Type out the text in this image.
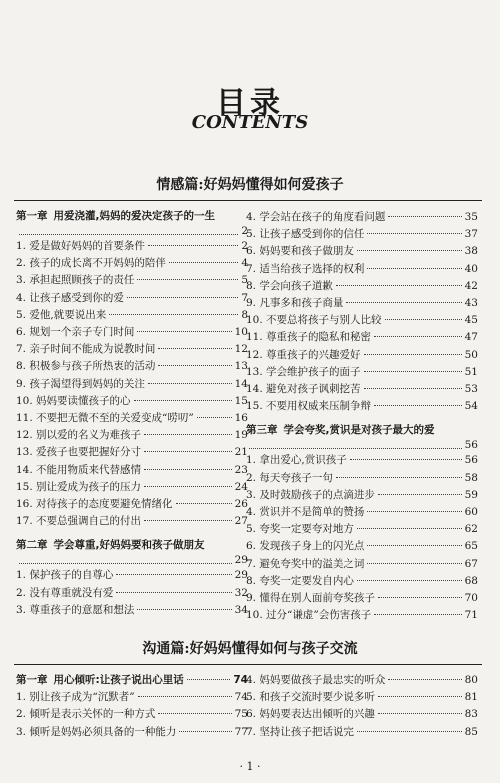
目录
CONTENTS
情感篇:好妈妈懂得如何爱孩子
第一章 用爱浇灌,妈妈的爱决定孩子的一生
2
1. 爱是做好妈妈的首要条件	2
2. 孩子的成长离不开妈妈的陪伴	4
3. 承担起照顾孩子的责任	5
4. 让孩子感受到你的爱	7
5. 爱他,就要说出来	8
6. 规划一个亲子专门时间	10
7. 亲子时间不能成为说教时间	12
8. 积极参与孩子所热衷的活动	13
9. 孩子渴望得到妈妈的关注	14
10. 妈妈要读懂孩子的心	15
11. 不要把无微不至的关爱变成“唠叨”	16
12. 别以爱的名义为难孩子	19
13. 爱孩子也要把握好分寸	21
14. 不能用物质来代替感情	23
15. 别让爱成为孩子的压力	24
16. 对待孩子的态度要避免情绪化	26
17. 不要总强调自己的付出	27
第二章 学会尊重,好妈妈要和孩子做朋友
29
1. 保护孩子的自尊心	29
2. 没有尊重就没有爱	32
3. 尊重孩子的意愿和想法	34
4. 学会站在孩子的角度看问题	35
5. 让孩子感受到你的信任	37
6. 妈妈要和孩子做朋友	38
7. 适当给孩子选择的权利	40
8. 学会向孩子道歉	42
9. 凡事多和孩子商量	43
10. 不要总将孩子与别人比较	45
11. 尊重孩子的隐私和秘密	47
12. 尊重孩子的兴趣爱好	50
13. 学会维护孩子的面子	51
14. 避免对孩子讽刺挖苦	53
15. 不要用权威来压制争辩	54
第三章 学会夸奖,赏识是对孩子最大的爱
56
1. 拿出爱心,赏识孩子	56
2. 每天夸孩子一句	58
3. 及时鼓励孩子的点滴进步	59
4. 赏识并不是简单的赞扬	60
5. 夸奖一定要夸对地方	62
6. 发现孩子身上的闪光点	65
7. 避免夸奖中的溢美之词	67
8. 夸奖一定要发自内心	68
9. 懂得在别人面前夸奖孩子	70
10. 过分“谦虚”会伤害孩子	71
沟通篇:好妈妈懂得如何与孩子交流
第一章 用心倾听:让孩子说出心里话	74
1. 别让孩子成为“沉默者”	74
2. 倾听是表示关怀的一种方式	75
3. 倾听是妈妈必须具备的一种能力	77
4. 妈妈要做孩子最忠实的听众	80
5. 和孩子交流时要少说多听	81
6. 妈妈要表达出倾听的兴趣	83
7. 坚持让孩子把话说完	85
· 1 ·
